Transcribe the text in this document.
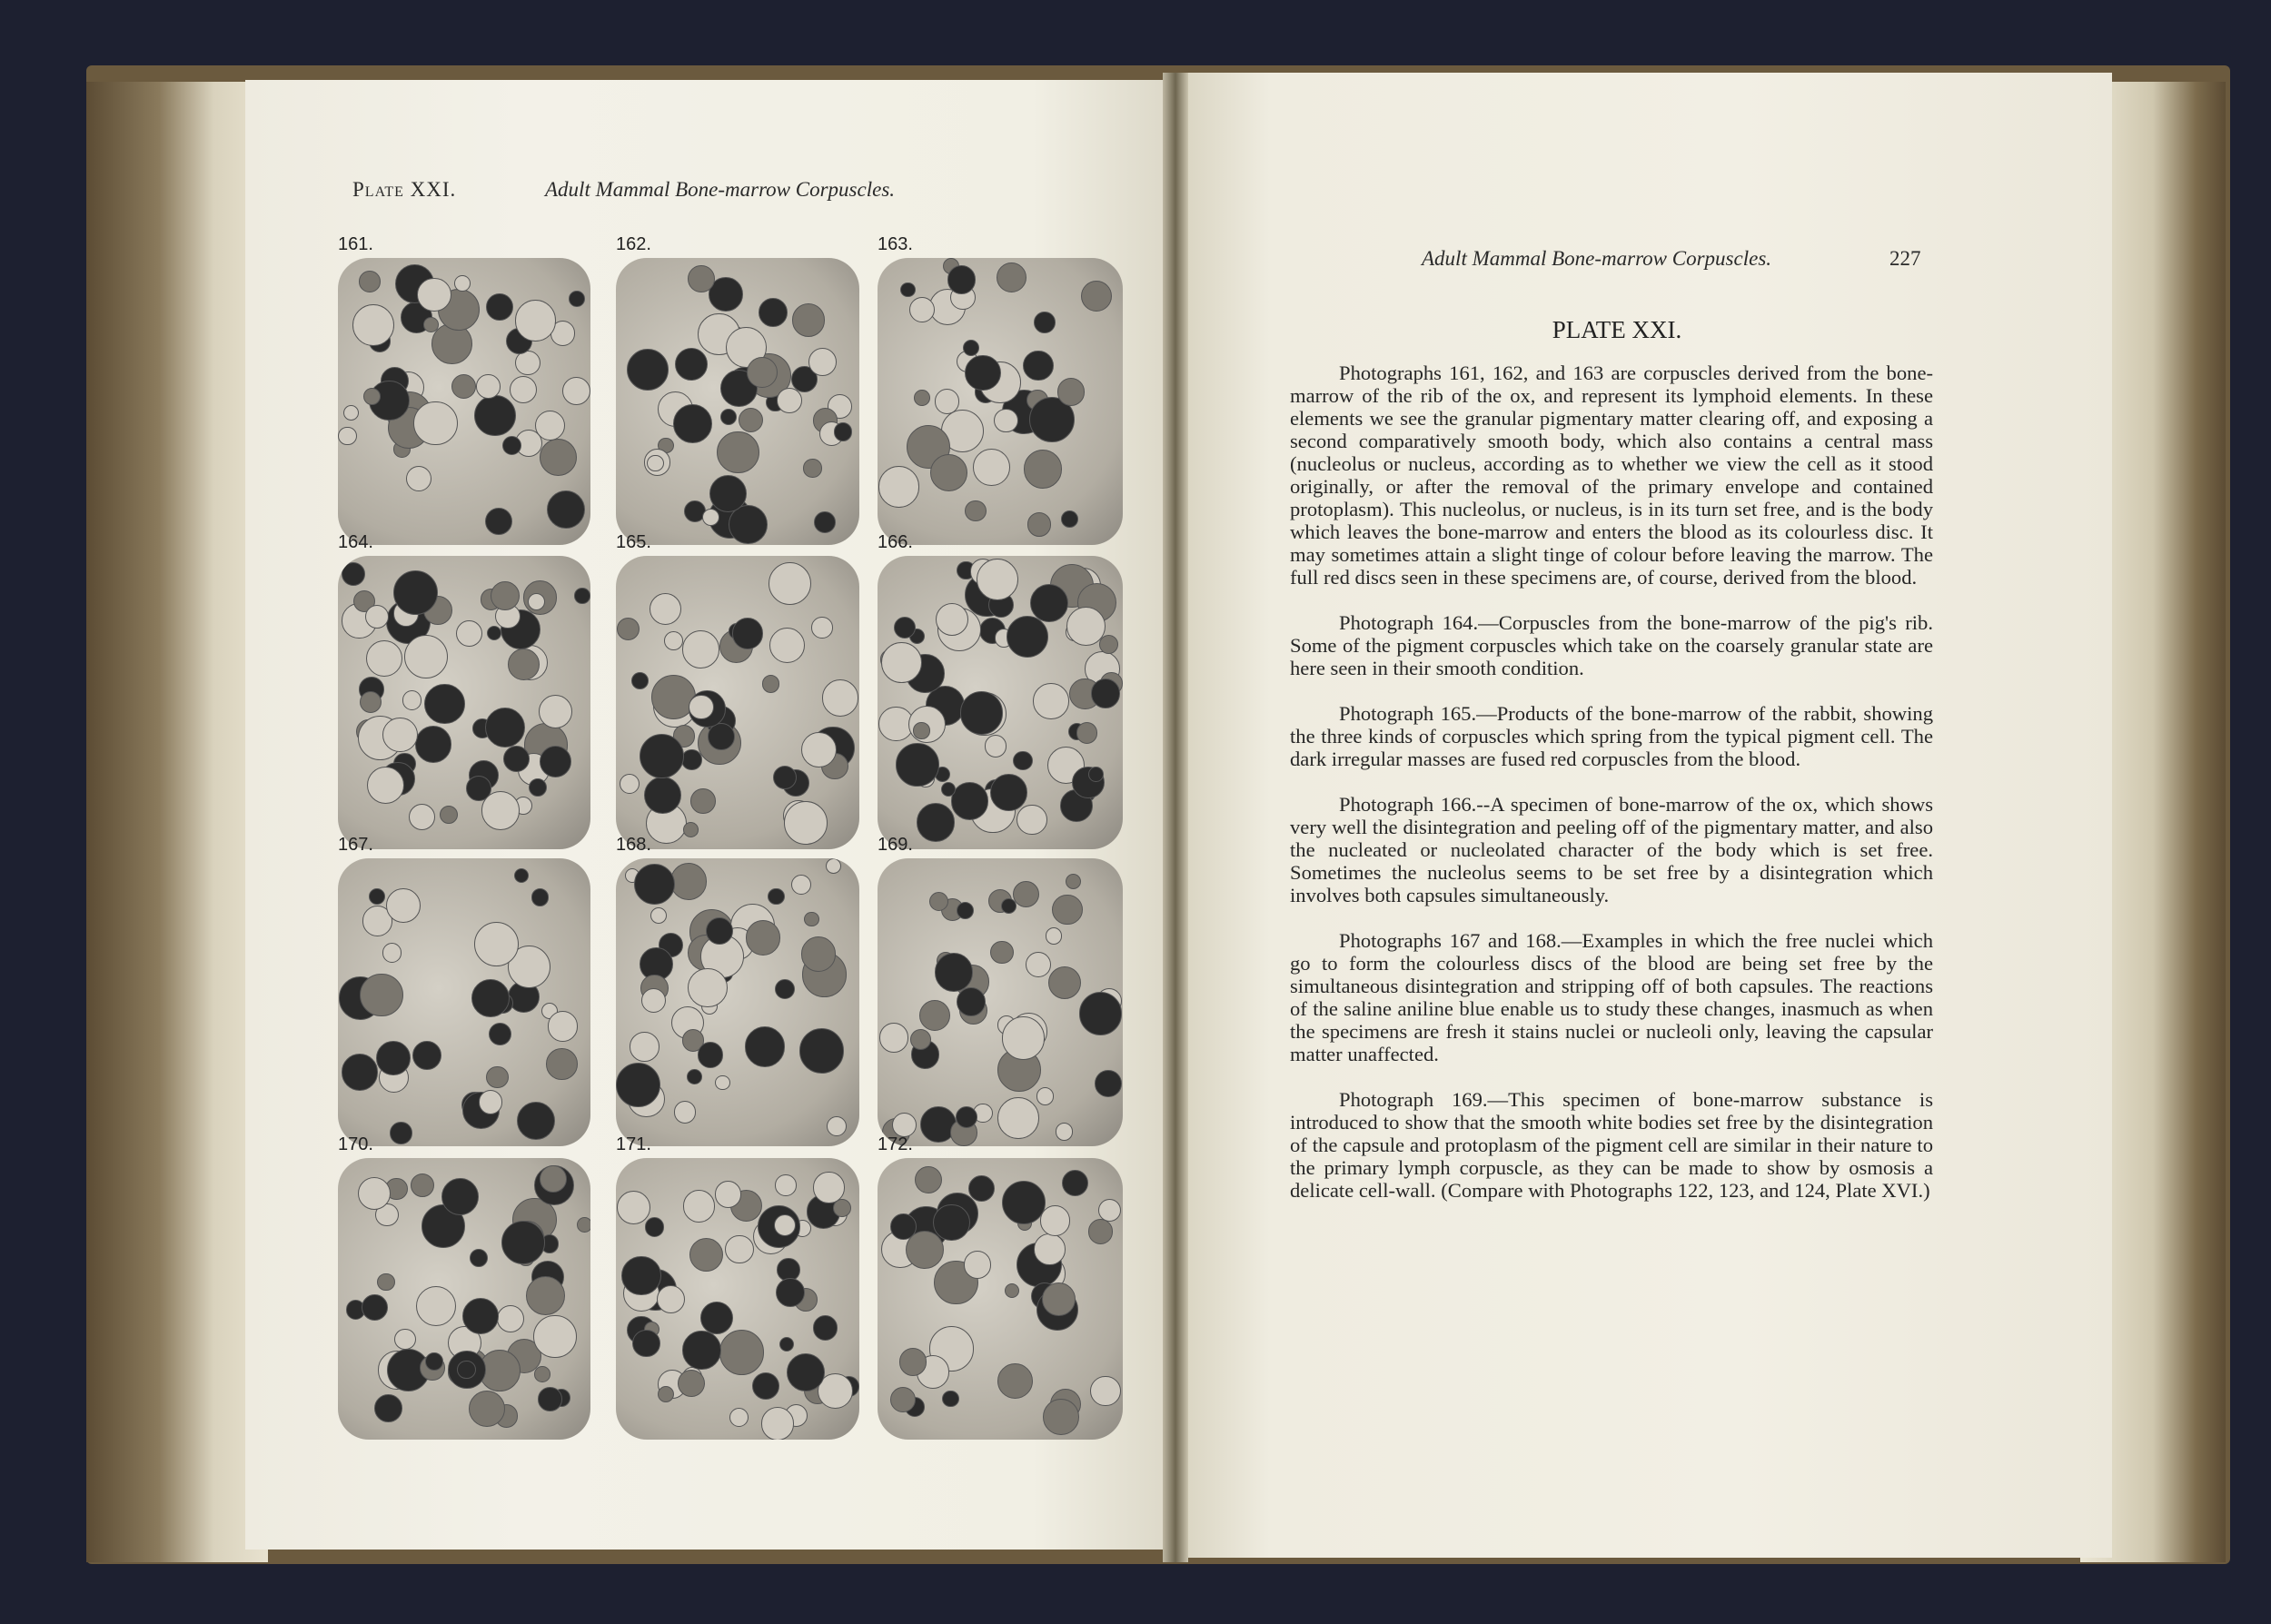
Plate XXI.	Adult Mammal Bone-marrow Corpuscles.
161.	162.	163.
164.	165.	166.
167.	168.	169.
170.	171.	172.
Adult Mammal Bone-marrow Corpuscles.	227
PLATE XXI.

Photographs 161, 162, and 163 are corpuscles derived from the bone-marrow of the rib of the ox, and represent its lymphoid elements. In these elements we see the granular pigmentary matter clearing off, and exposing a second comparatively smooth body, which also contains a central mass (nucleolus or nucleus, according as to whether we view the cell as it stood originally, or after the removal of the primary envelope and contained protoplasm). This nucleolus, or nucleus, is in its turn set free, and is the body which leaves the bone-marrow and enters the blood as its colourless disc. It may sometimes attain a slight tinge of colour before leaving the marrow. The full red discs seen in these specimens are, of course, derived from the blood.

Photograph 164.—Corpuscles from the bone-marrow of the pig's rib. Some of the pigment corpuscles which take on the coarsely granular state are here seen in their smooth condition.

Photograph 165.—Products of the bone-marrow of the rabbit, showing the three kinds of corpuscles which spring from the typical pigment cell. The dark irregular masses are fused red corpuscles from the blood.

Photograph 166.--A specimen of bone-marrow of the ox, which shows very well the disintegration and peeling off of the pigmentary matter, and also the nucleated or nucleolated character of the body which is set free. Sometimes the nucleolus seems to be set free by a disintegration which involves both capsules simultaneously.

Photographs 167 and 168.—Examples in which the free nuclei which go to form the colourless discs of the blood are being set free by the simultaneous disintegration and stripping off of both capsules. The reactions of the saline aniline blue enable us to study these changes, inasmuch as when the specimens are fresh it stains nuclei or nucleoli only, leaving the capsular matter unaffected.

Photograph 169.—This specimen of bone-marrow substance is introduced to show that the smooth white bodies set free by the disintegration of the capsule and protoplasm of the pigment cell are similar in their nature to the primary lymph corpuscle, as they can be made to show by osmosis a delicate cell-wall. (Compare with Photographs 122, 123, and 124, Plate XVI.)
